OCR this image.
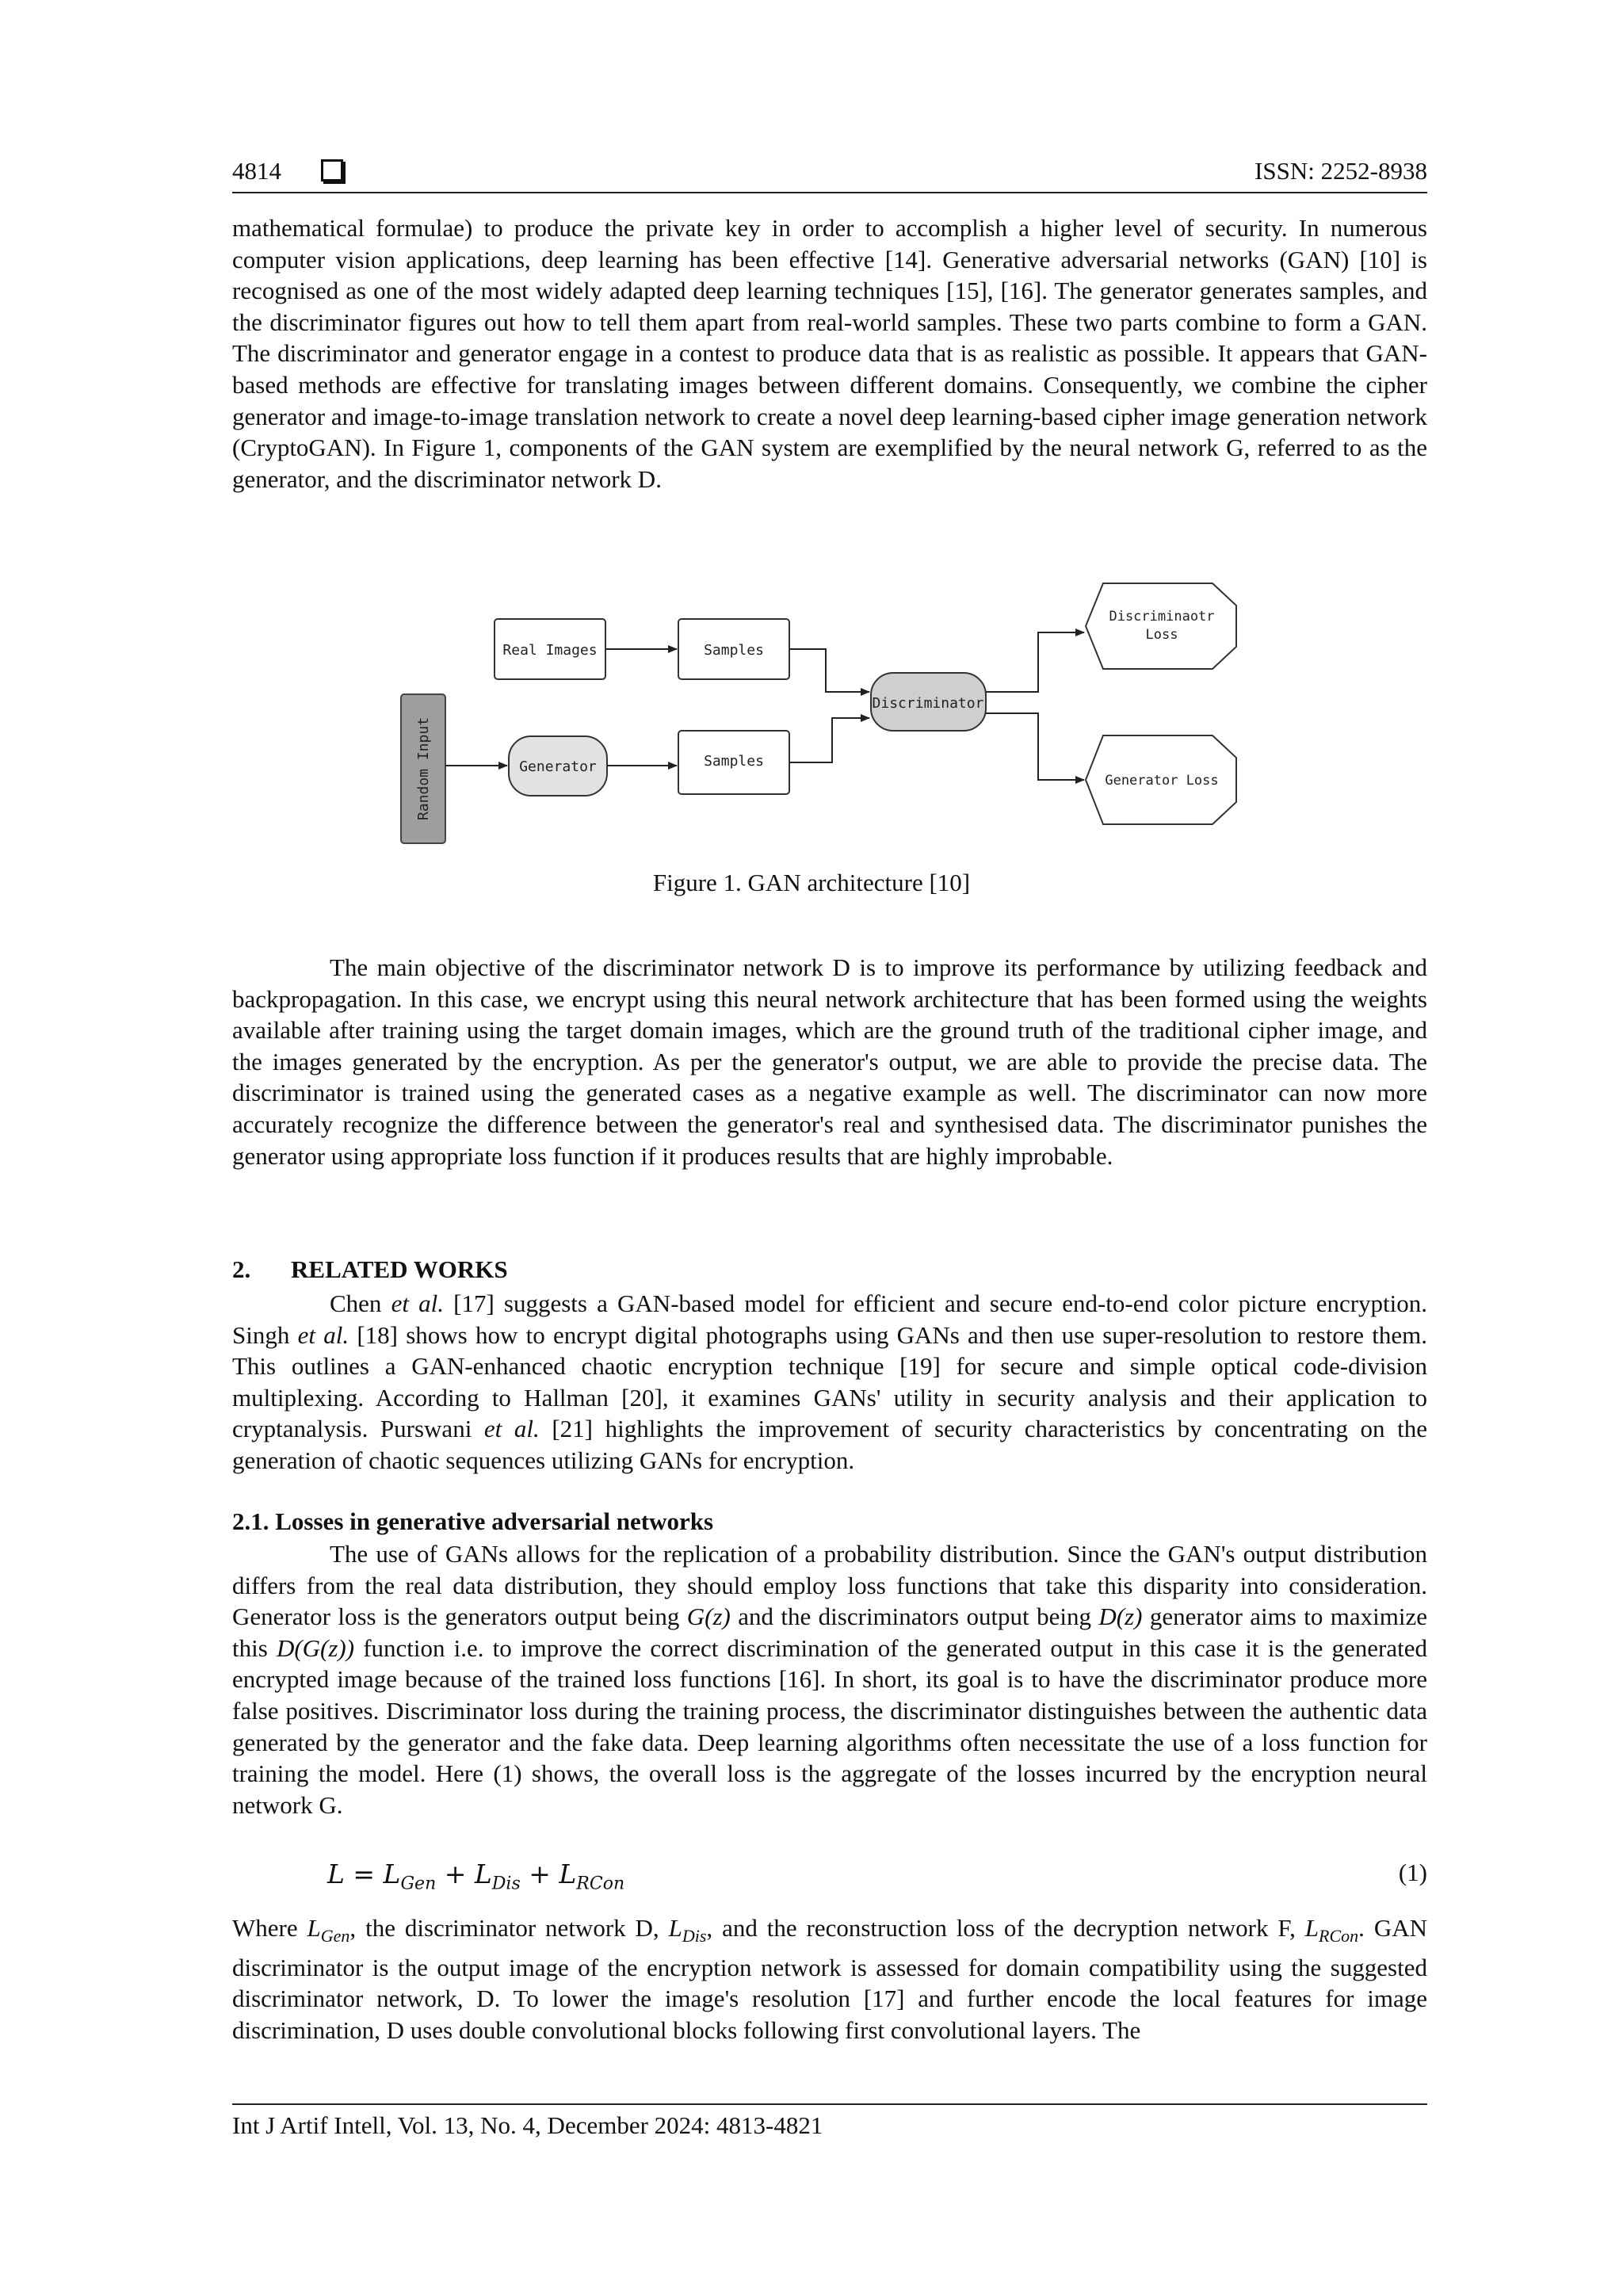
4814	ISSN: 2252-8938

mathematical formulae) to produce the private key in order to accomplish a higher level of security. In numerous computer vision applications, deep learning has been effective [14]. Generative adversarial networks (GAN) [10] is recognised as one of the most widely adapted deep learning techniques [15], [16]. The generator generates samples, and the discriminator figures out how to tell them apart from real-world samples. These two parts combine to form a GAN. The discriminator and generator engage in a contest to produce data that is as realistic as possible. It appears that GAN-based methods are effective for translating images between different domains. Consequently, we combine the cipher generator and image-to-image translation network to create a novel deep learning-based cipher image generation network (CryptoGAN). In Figure 1, components of the GAN system are exemplified by the neural network G, referred to as the generator, and the discriminator network D.

Real Images	Samples
Random Input	Generator	Samples
Discriminator
Discriminaotr
Loss
Generator Loss
Figure 1. GAN architecture [10]

The main objective of the discriminator network D is to improve its performance by utilizing feedback and backpropagation. In this case, we encrypt using this neural network architecture that has been formed using the weights available after training using the target domain images, which are the ground truth of the traditional cipher image, and the images generated by the encryption. As per the generator's output, we are able to provide the precise data. The discriminator is trained using the generated cases as a negative example as well. The discriminator can now more accurately recognize the difference between the generator's real and synthesised data. The discriminator punishes the generator using appropriate loss function if it produces results that are highly improbable.

2. RELATED WORKS

Chen et al. [17] suggests a GAN-based model for efficient and secure end-to-end color picture encryption. Singh et al. [18] shows how to encrypt digital photographs using GANs and then use super-resolution to restore them. This outlines a GAN-enhanced chaotic encryption technique [19] for secure and simple optical code-division multiplexing. According to Hallman [20], it examines GANs' utility in security analysis and their application to cryptanalysis. Purswani et al. [21] highlights the improvement of security characteristics by concentrating on the generation of chaotic sequences utilizing GANs for encryption.

2.1. Losses in generative adversarial networks

The use of GANs allows for the replication of a probability distribution. Since the GAN's output distribution differs from the real data distribution, they should employ loss functions that take this disparity into consideration. Generator loss is the generators output being G(z) and the discriminators output being D(z) generator aims to maximize this D(G(z)) function i.e. to improve the correct discrimination of the generated output in this case it is the generated encrypted image because of the trained loss functions [16]. In short, its goal is to have the discriminator produce more false positives. Discriminator loss during the training process, the discriminator distinguishes between the authentic data generated by the generator and the fake data. Deep learning algorithms often necessitate the use of a loss function for training the model. Here (1) shows, the overall loss is the aggregate of the losses incurred by the encryption neural network G.

$L = L_{Gen} + L_{Dis} + L_{RCon}$	(1)

Where $L_{Gen}$, the discriminator network D, $L_{Dis}$, and the reconstruction loss of the decryption network F, $L_{RCon}$. GAN discriminator is the output image of the encryption network is assessed for domain compatibility using the suggested discriminator network, D. To lower the image's resolution [17] and further encode the local features for image discrimination, D uses double convolutional blocks following first convolutional layers. The

Int J Artif Intell, Vol. 13, No. 4, December 2024: 4813-4821
